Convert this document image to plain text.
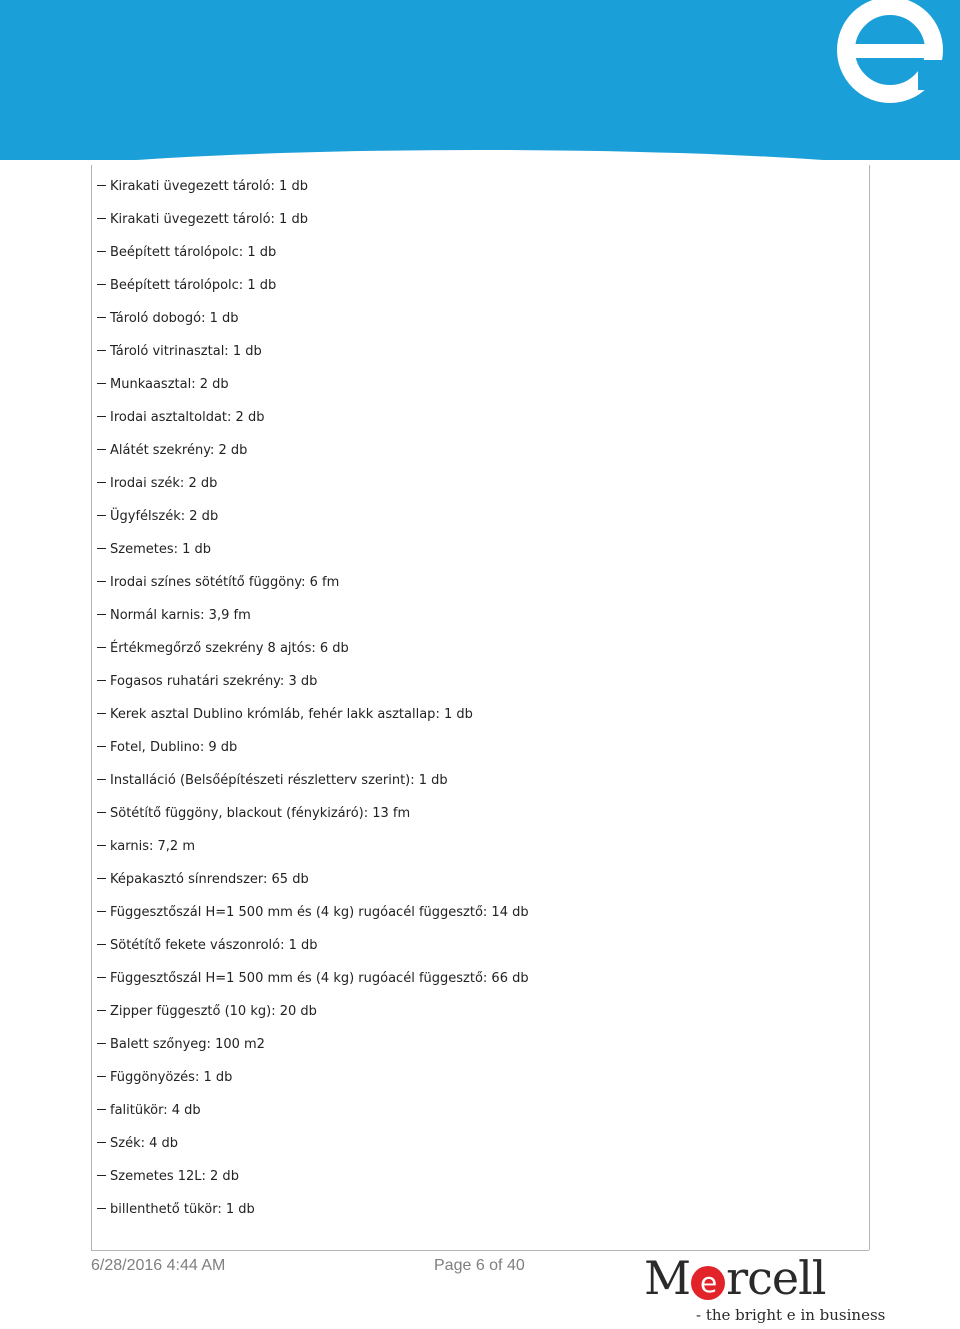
Kirakati üvegezett tároló: 1 db
Kirakati üvegezett tároló: 1 db
Beépített tárolópolc: 1 db
Beépített tárolópolc: 1 db
Tároló dobogó: 1 db
Tároló vitrinasztal: 1 db
Munkaasztal: 2 db
Irodai asztaltoldat: 2 db
Alátét szekrény: 2 db
Irodai szék: 2 db
Ügyfélszék: 2 db
Szemetes: 1 db
Irodai színes sötétítő függöny: 6 fm
Normál karnis: 3,9 fm
Értékmegőrző szekrény 8 ajtós: 6 db
Fogasos ruhatári szekrény: 3 db
Kerek asztal Dublino krómláb, fehér lakk asztallap: 1 db
Fotel, Dublino: 9 db
Installáció (Belsőépítészeti részletterv szerint): 1 db
Sötétítő függöny, blackout (fénykizáró): 13 fm
karnis: 7,2 m
Képakasztó sínrendszer: 65 db
Függesztőszál H=1 500 mm és (4 kg) rugóacél függesztő: 14 db
Sötétítő fekete vászonroló: 1 db
Függesztőszál H=1 500 mm és (4 kg) rugóacél függesztő: 66 db
Zipper függesztő (10 kg): 20 db
Balett szőnyeg: 100 m2
Függönyözés: 1 db
falitükör: 4 db
Szék: 4 db
Szemetes 12L: 2 db
billenthető tükör: 1 db
6/28/2016 4:44 AM	Page 6 of 40	M e rcell
- the bright e in business
